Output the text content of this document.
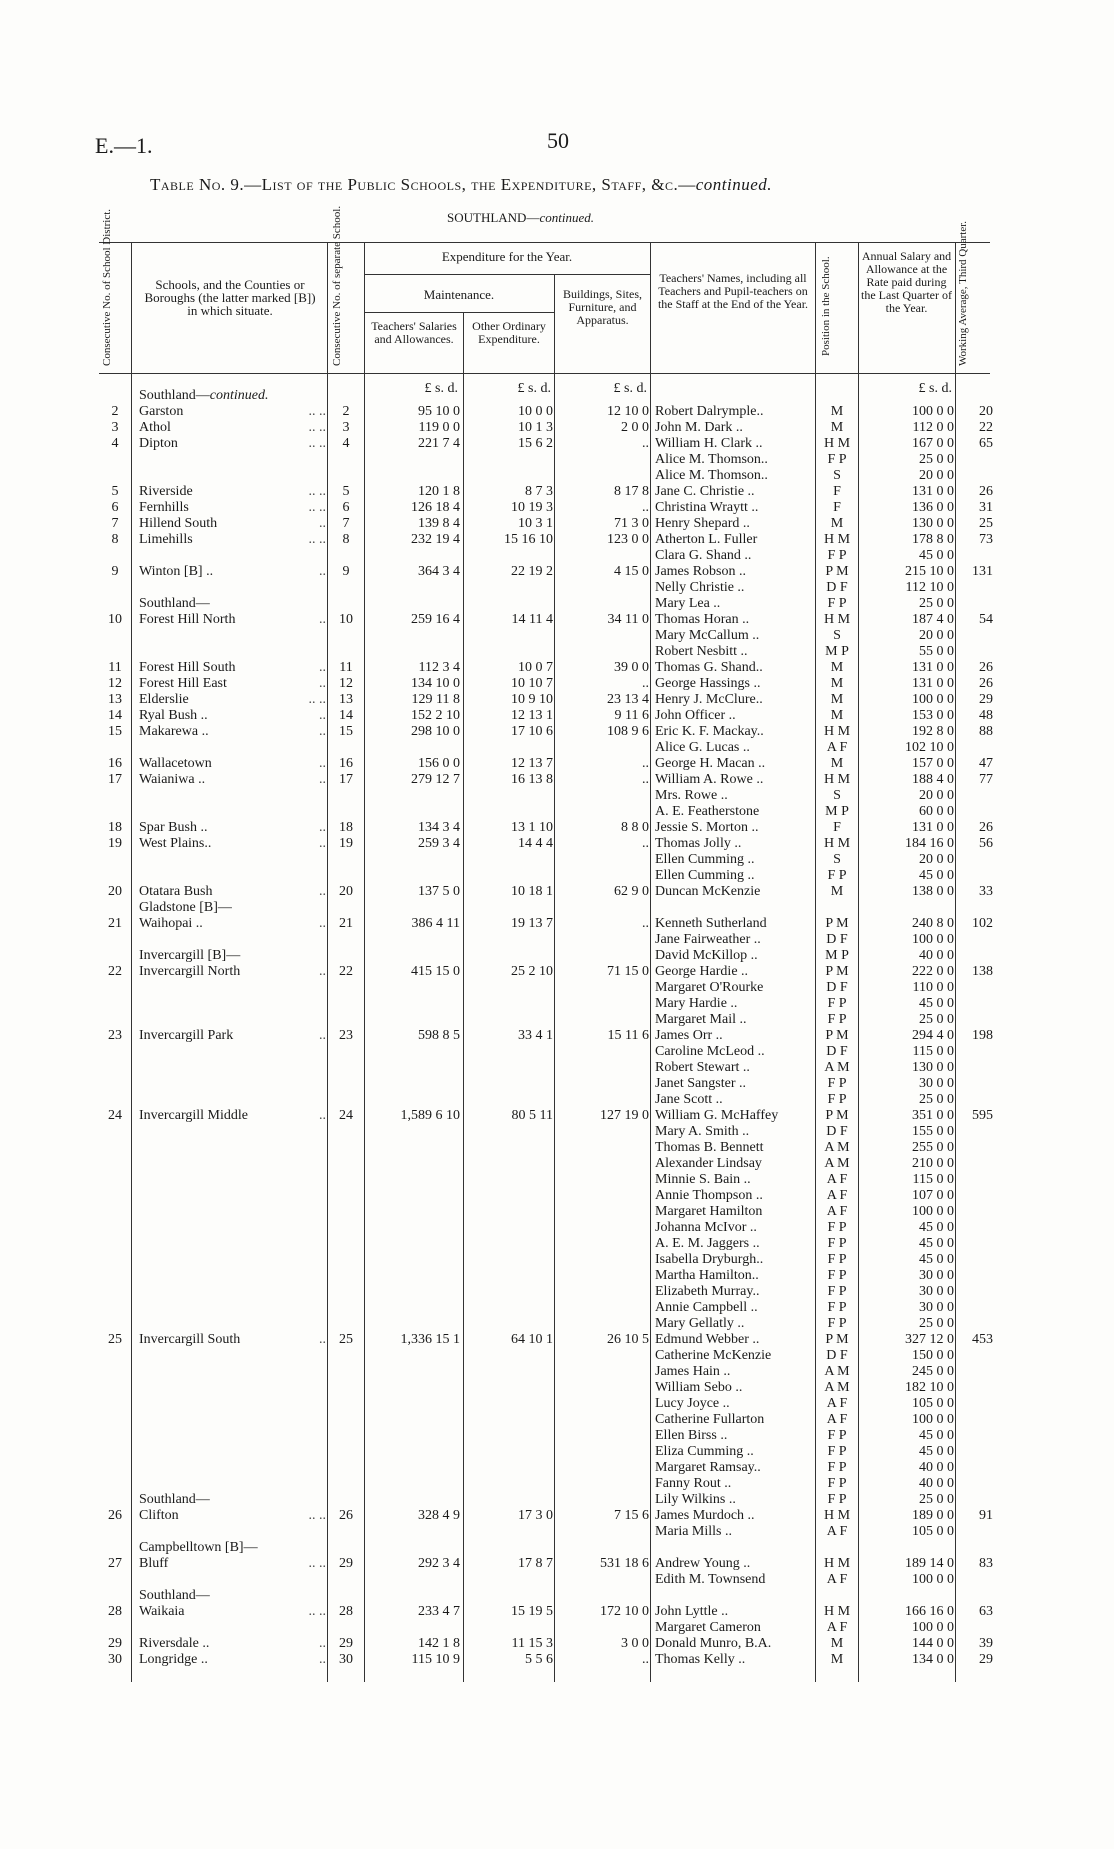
E.—1.	50
Table No. 9.—List of the Public Schools, the Expenditure, Staff, &c.—continued.
SOUTHLAND—continued.
Consecutive No. of School District.	Schools, and the Counties or Boroughs (the latter marked [B]) in which situate.	Consecutive No. of separate School.	Expenditure for the Year.
Maintenance.
Teachers' Salaries and Allowances.
Other Ordinary Expenditure.
Buildings, Sites, Furniture, and Apparatus.
Teachers' Names, including all Teachers and Pupil-teachers on the Staff at the End of the Year.	Position in the School.
Annual Salary and Allowance at the Rate paid during the Last Quarter of the Year.	Working Average, Third Quarter.
£ s. d.	£ s. d.	£ s. d.	£ s. d.
Southland—continued.
2	Garston	.. ..	2	95 10 0	10 0 0	12 10 0 Robert Dalrymple..	M	100 0 0	20
3	Athol	.. ..	3	119 0 0	10 1 3	2 0 0 John M. Dark ..	M	112 0 0	22
4	Dipton	.. ..	4	221 7 4	15 6 2	.. William H. Clark ..	H M	167 0 0	65
Alice M. Thomson..	F P	25 0 0
Alice M. Thomson..	S	20 0 0
5	Riverside	.. ..	5	120 1 8	8 7 3	8 17 8 Jane C. Christie ..	F	131 0 0	26
6	Fernhills	.. ..	6	126 18 4	10 19 3	.. Christina Wraytt ..	F	136 0 0	31
7	Hillend South	..	7	139 8 4	10 3 1	71 3 0 Henry Shepard ..	M	130 0 0	25
8	Limehills	.. ..	8	232 19 4	15 16 10	123 0 0 Atherton L. Fuller	H M	178 8 0	73
Clara G. Shand ..	F P	45 0 0
9	Winton [B] ..	..	9	364 3 4	22 19 2	4 15 0 James Robson ..	P M	215 10 0	131
Nelly Christie ..	D F	112 10 0
Southland—	Mary Lea ..	F P	25 0 0
10	Forest Hill North	.. 10	259 16 4	14 11 4	34 11 0 Thomas Horan ..	H M	187 4 0	54
Mary McCallum ..	S	20 0 0
Robert Nesbitt ..	M P	55 0 0
11	Forest Hill South	.. 11	112 3 4	10 0 7	39 0 0 Thomas G. Shand..	M	131 0 0	26
12	Forest Hill East	.. 12	134 10 0	10 10 7	.. George Hassings ..	M	131 0 0	26
13	Elderslie	.. .. 13	129 11 8	10 9 10	23 13 4 Henry J. McClure..	M	100 0 0	29
14	Ryal Bush ..	.. 14	152 2 10	12 13 1	9 11 6 John Officer ..	M	153 0 0	48
15	Makarewa ..	.. 15	298 10 0	17 10 6	108 9 6 Eric K. F. Mackay..	H M	192 8 0	88
Alice G. Lucas ..	A F	102 10 0
16	Wallacetown	.. 16	156 0 0	12 13 7	.. George H. Macan ..	M	157 0 0	47
17	Waianiwa ..	.. 17	279 12 7	16 13 8	.. William A. Rowe ..	H M	188 4 0	77
Mrs. Rowe ..	S	20 0 0
A. E. Featherstone	M P	60 0 0
18	Spar Bush ..	.. 18	134 3 4	13 1 10	8 8 0 Jessie S. Morton ..	F	131 0 0	26
19	West Plains..	.. 19	259 3 4	14 4 4	.. Thomas Jolly ..	H M	184 16 0	56
Ellen Cumming ..	S	20 0 0
Ellen Cumming ..	F P	45 0 0
20	Otatara Bush	.. 20	137 5 0	10 18 1	62 9 0 Duncan McKenzie	M	138 0 0	33
Gladstone [B]—
21	Waihopai ..	.. 21	386 4 11	19 13 7	.. Kenneth Sutherland	P M	240 8 0	102
Jane Fairweather ..	D F	100 0 0
Invercargill [B]—	David McKillop ..	M P	40 0 0
22	Invercargill North	.. 22	415 15 0	25 2 10	71 15 0 George Hardie ..	P M	222 0 0	138
Margaret O'Rourke	D F	110 0 0
Mary Hardie ..	F P	45 0 0
Margaret Mail ..	F P	25 0 0
23	Invercargill Park	.. 23	598 8 5	33 4 1	15 11 6 James Orr ..	P M	294 4 0	198
Caroline McLeod ..	D F	115 0 0
Robert Stewart ..	A M	130 0 0
Janet Sangster ..	F P	30 0 0
Jane Scott ..	F P	25 0 0
24	Invercargill Middle	.. 24	1,589 6 10	80 5 11	127 19 0 William G. McHaffey	P M	351 0 0	595
Mary A. Smith ..	D F	155 0 0
Thomas B. Bennett	A M	255 0 0
Alexander Lindsay	A M	210 0 0
Minnie S. Bain ..	A F	115 0 0
Annie Thompson ..	A F	107 0 0
Margaret Hamilton	A F	100 0 0
Johanna McIvor ..	F P	45 0 0
A. E. M. Jaggers ..	F P	45 0 0
Isabella Dryburgh..	F P	45 0 0
Martha Hamilton..	F P	30 0 0
Elizabeth Murray..	F P	30 0 0
Annie Campbell ..	F P	30 0 0
Mary Gellatly ..	F P	25 0 0
25	Invercargill South	.. 25	1,336 15 1	64 10 1	26 10 5 Edmund Webber ..	P M	327 12 0	453
Catherine McKenzie	D F	150 0 0
James Hain ..	A M	245 0 0
William Sebo ..	A M	182 10 0
Lucy Joyce ..	A F	105 0 0
Catherine Fullarton	A F	100 0 0
Ellen Birss ..	F P	45 0 0
Eliza Cumming ..	F P	45 0 0
Margaret Ramsay..	F P	40 0 0
Fanny Rout ..	F P	40 0 0
Southland—	Lily Wilkins ..	F P	25 0 0
26	Clifton	.. .. 26	328 4 9	17 3 0	7 15 6 James Murdoch ..	H M	189 0 0	91
Maria Mills ..	A F	105 0 0
Campbelltown [B]—
27	Bluff	.. .. 29	292 3 4	17 8 7	531 18 6 Andrew Young ..	H M	189 14 0	83
Edith M. Townsend	A F	100 0 0
Southland—
28	Waikaia	.. .. 28	233 4 7	15 19 5	172 10 0 John Lyttle ..	H M	166 16 0	63
Margaret Cameron	A F	100 0 0
29	Riversdale ..	.. 29	142 1 8	11 15 3	3 0 0 Donald Munro, B.A.	M	144 0 0	39
30	Longridge ..	.. 30	115 10 9	5 5 6	.. Thomas Kelly ..	M	134 0 0	29
